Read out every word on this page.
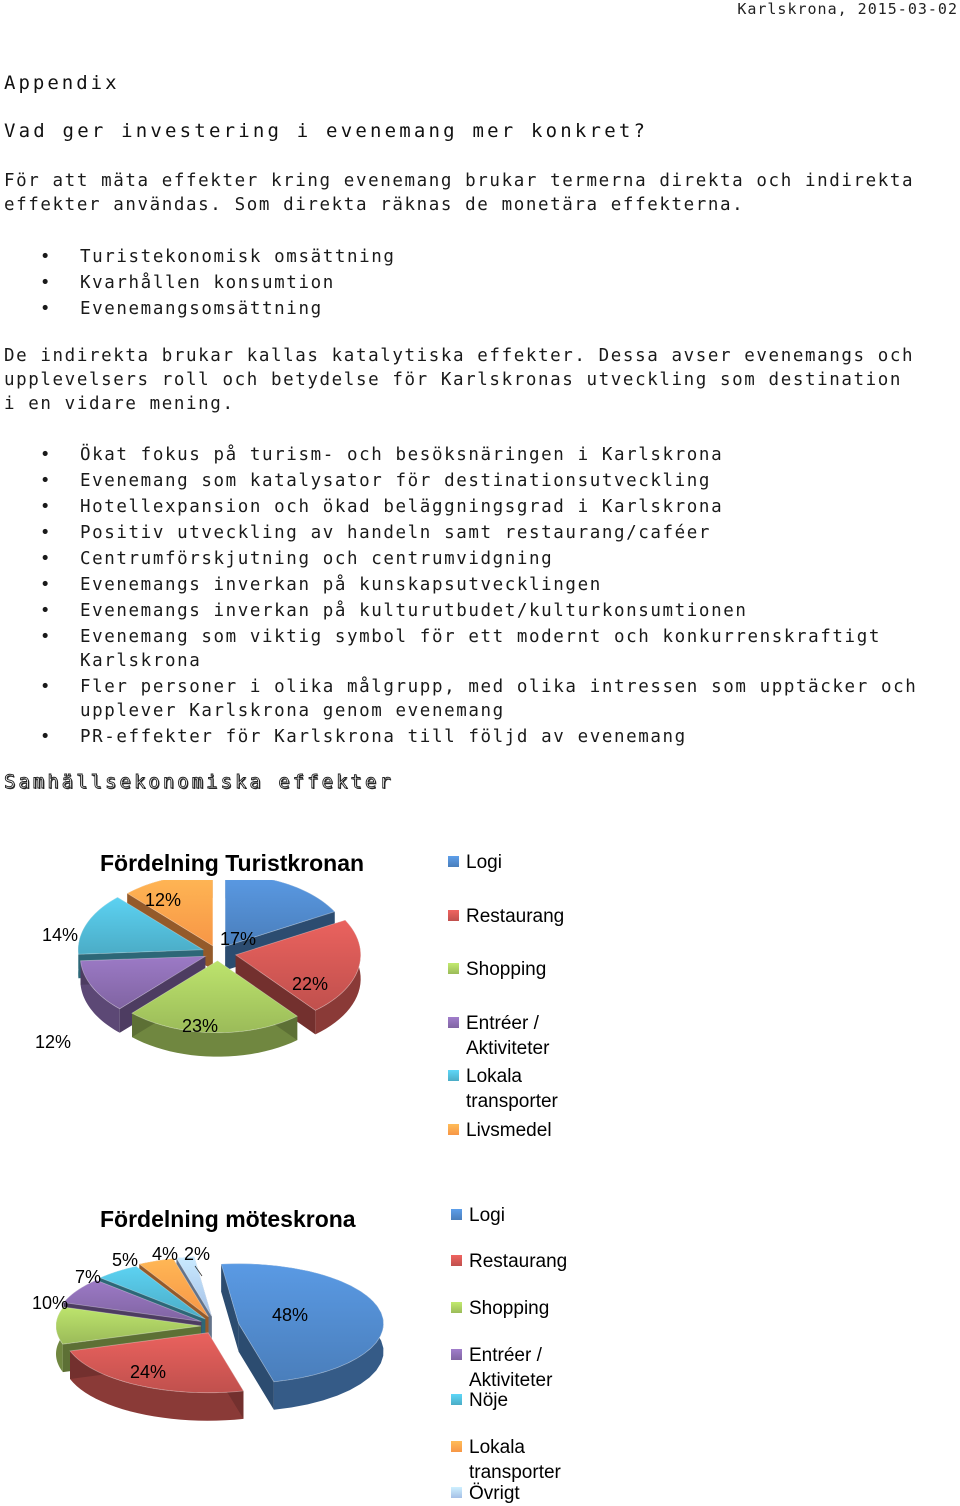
Karlskrona, 2015-03-02
Appendix
Vad ger investering i evenemang mer konkret?
För att mäta effekter kring evenemang brukar termerna direkta och indirekta
effekter användas. Som direkta räknas de monetära effekterna.
• Turistekonomisk omsättning
• Kvarhållen konsumtion
• Evenemangsomsättning
De indirekta brukar kallas katalytiska effekter. Dessa avser evenemangs och
upplevelsers roll och betydelse för Karlskronas utveckling som destination
i en vidare mening.
• Ökat fokus på turism- och besöksnäringen i Karlskrona
• Evenemang som katalysator för destinationsutveckling
• Hotellexpansion och ökad beläggningsgrad i Karlskrona
• Positiv utveckling av handeln samt restaurang/caféer
• Centrumförskjutning och centrumvidgning
• Evenemangs inverkan på kunskapsutvecklingen
• Evenemangs inverkan på kulturutbudet/kulturkonsumtionen
• Evenemang som viktig symbol för ett modernt och konkurrenskraftigt
Karlskrona
• Fler personer i olika målgrupp, med olika intressen som upptäcker och
upplever Karlskrona genom evenemang
• PR-effekter för Karlskrona till följd av evenemang
Samhällsekonomiska effekter
Fördelning Turistkronan
17%
22%
23%
12%
14%
12%
Logi
Restaurang
Shopping
Entréer /
Aktiviteter
Lokala
transporter
Livsmedel
Fördelning möteskrona
48%
24%
10%
7%
5% 4% 2%
Logi
Restaurang
Shopping
Entréer /
Aktiviteter
Nöje
Lokala
transporter
Övrigt
